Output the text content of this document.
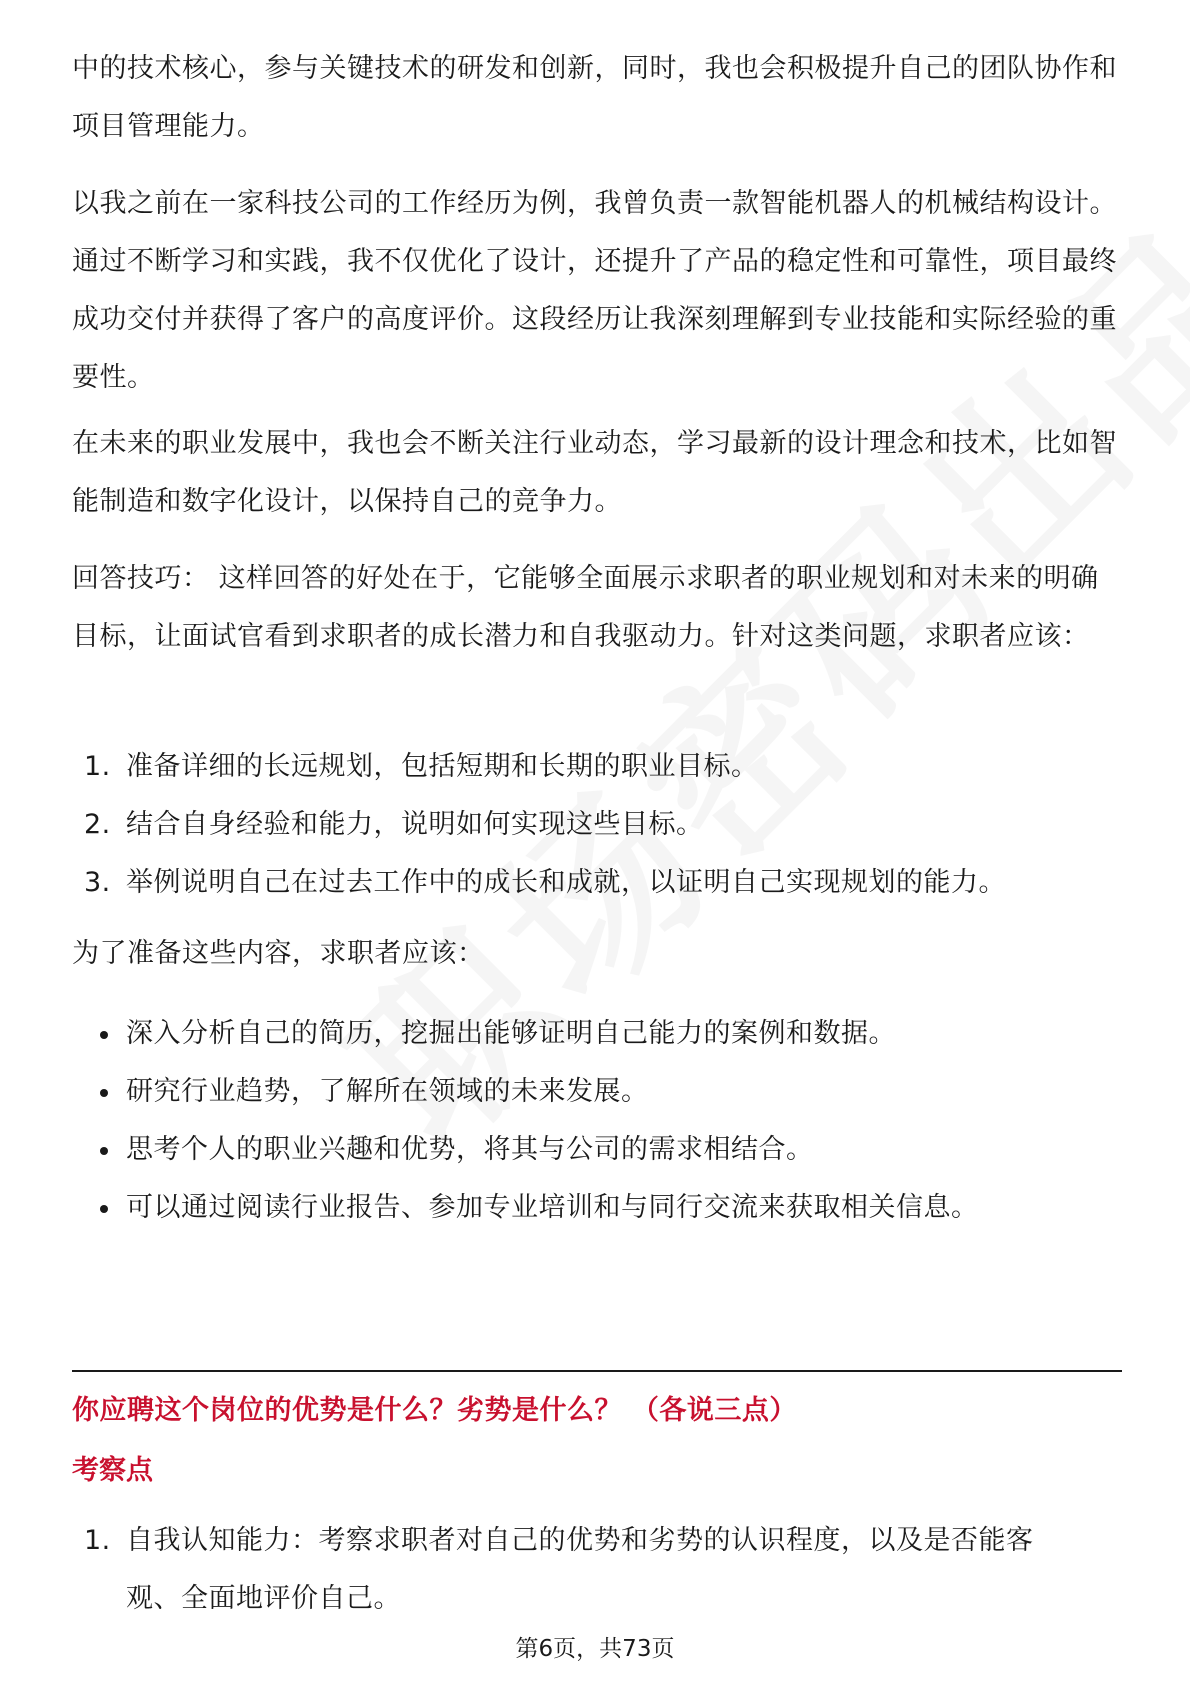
中的技术核心，参与关键技术的研发和创新，同时，我也会积极提升自己的团队协作和项目管理能力。

以我之前在一家科技公司的工作经历为例，我曾负责一款智能机器人的机械结构设计。通过不断学习和实践，我不仅优化了设计，还提升了产品的稳定性和可靠性，项目最终成功交付并获得了客户的高度评价。这段经历让我深刻理解到专业技能和实际经验的重要性。

在未来的职业发展中，我也会不断关注行业动态，学习最新的设计理念和技术，比如智能制造和数字化设计，以保持自己的竞争力。

回答技巧： 这样回答的好处在于，它能够全面展示求职者的职业规划和对未来的明确目标，让面试官看到求职者的成长潜力和自我驱动力。针对这类问题，求职者应该：

1. 准备详细的长远规划，包括短期和长期的职业目标。
2. 结合自身经验和能力，说明如何实现这些目标。
3. 举例说明自己在过去工作中的成长和成就，以证明自己实现规划的能力。

为了准备这些内容，求职者应该：

深入分析自己的简历，挖掘出能够证明自己能力的案例和数据。
研究行业趋势，了解所在领域的未来发展。
思考个人的职业兴趣和优势，将其与公司的需求相结合。
可以通过阅读行业报告、参加专业培训和与同行交流来获取相关信息。
你应聘这个岗位的优势是什么？劣势是什么？ （各说三点）
考察点
1. 自我认知能力：考察求职者对自己的优势和劣势的认识程度，以及是否能客观、全面地评价自己。
第6页，共73页
